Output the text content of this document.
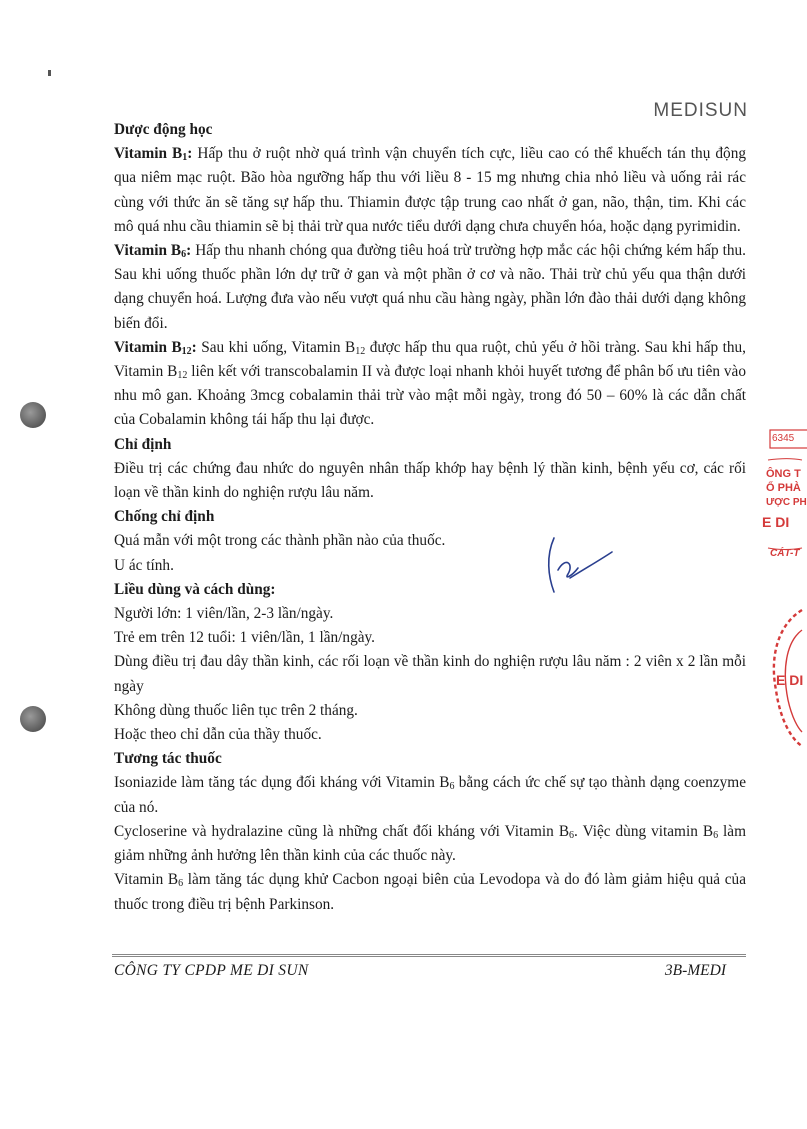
MEDISUN

Dược động học

Vitamin $B_1$: Hấp thu ở ruột nhờ quá trình vận chuyển tích cực, liều cao có thể khuếch tán thụ động qua niêm mạc ruột. Bão hòa ngưỡng hấp thu với liều 8 - 15 mg nhưng chia nhỏ liều và uống rải rác cùng với thức ăn sẽ tăng sự hấp thu. Thiamin được tập trung cao nhất ở gan, não, thận, tim. Khi các mô quá nhu cầu thiamin sẽ bị thải trừ qua nước tiểu dưới dạng chưa chuyển hóa, hoặc dạng pyrimidin.

Vitamin $B_6$: Hấp thu nhanh chóng qua đường tiêu hoá trừ trường hợp mắc các hội chứng kém hấp thu. Sau khi uống thuốc phần lớn dự trữ ở gan và một phần ở cơ và não. Thải trừ chủ yếu qua thận dưới dạng chuyển hoá. Lượng đưa vào nếu vượt quá nhu cầu hàng ngày, phần lớn đào thải dưới dạng không biến đổi.

Vitamin $B_{12}$: Sau khi uống, Vitamin $B_{12}$ được hấp thu qua ruột, chủ yếu ở hồi tràng. Sau khi hấp thu, Vitamin $B_{12}$ liên kết với transcobalamin II và được loại nhanh khỏi huyết tương để phân bố ưu tiên vào nhu mô gan. Khoảng 3mcg cobalamin thải trừ vào mật mỗi ngày, trong đó 50 – 60% là các dẫn chất của Cobalamin không tái hấp thu lại được.

Chỉ định

Điều trị các chứng đau nhức do nguyên nhân thấp khớp hay bệnh lý thần kinh, bệnh yếu cơ, các rối loạn về thần kinh do nghiện rượu lâu năm.

Chống chỉ định

Quá mẫn với một trong các thành phần nào của thuốc.

U ác tính.

Liều dùng và cách dùng:

Người lớn: 1 viên/lần, 2-3 lần/ngày.

Trẻ em trên 12 tuổi: 1 viên/lần, 1 lần/ngày.

Dùng điều trị đau dây thần kinh, các rối loạn về thần kinh do nghiện rượu lâu năm : 2 viên x 2 lần mỗi ngày

Không dùng thuốc liên tục trên 2 tháng.

Hoặc theo chỉ dẫn của thầy thuốc.

Tương tác thuốc

Isoniazide làm tăng tác dụng đối kháng với Vitamin $B_6$ bằng cách ức chế sự tạo thành dạng coenzyme của nó.

Cycloserine và hydralazine cũng là những chất đối kháng với Vitamin $B_6$. Việc dùng vitamin $B_6$ làm giảm những ảnh hưởng lên thần kinh của các thuốc này.

Vitamin $B_6$ làm tăng tác dụng khử Cacbon ngoại biên của Levodopa và do đó làm giảm hiệu quả của thuốc trong điều trị bệnh Parkinson.

6345
ÔNG T
Ổ PHÀ
ƯỢC PH
E DI
CÁT-T
E DI
CÔNG TY CPDP ME DI SUN	3B-MEDI
